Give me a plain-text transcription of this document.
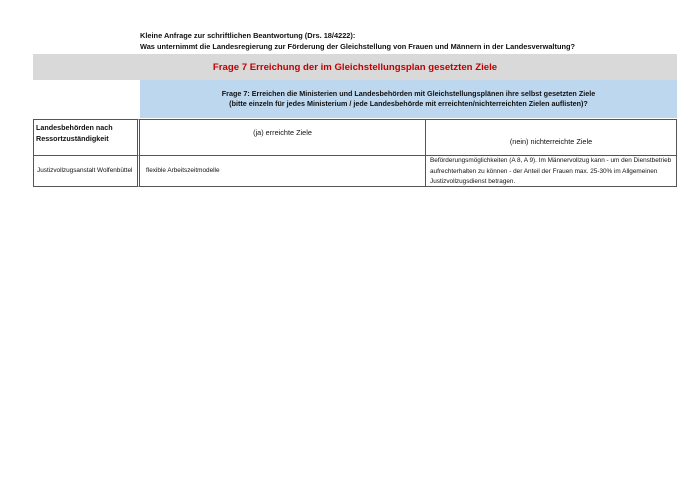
Kleine Anfrage zur schriftlichen Beantwortung (Drs. 18/4222):
Was unternimmt die Landesregierung zur Förderung der Gleichstellung von Frauen und Männern in der Landesverwaltung?
Frage 7 Erreichung der im Gleichstellungsplan gesetzten Ziele
Frage 7: Erreichen die Ministerien und Landesbehörden mit Gleichstellungsplänen ihre selbst gesetzten Ziele
(bitte einzeln für jedes Ministerium / jede Landesbehörde mit erreichten/nichterreichten Zielen auflisten)?
Landesbehörden nach Ressortzuständigkeit
(ja) erreichte Ziele
(nein) nichterreichte Ziele
Justizvollzugsanstalt Wolfenbüttel flexible Arbeitszeitmodelle
Beförderungsmöglichkeiten (A 8, A 9). Im Männervollzug kann - um den Dienstbetrieb aufrechterhalten zu können - der Anteil der Frauen max. 25-30% im Allgemeinen Justizvollzugsdienst betragen.
